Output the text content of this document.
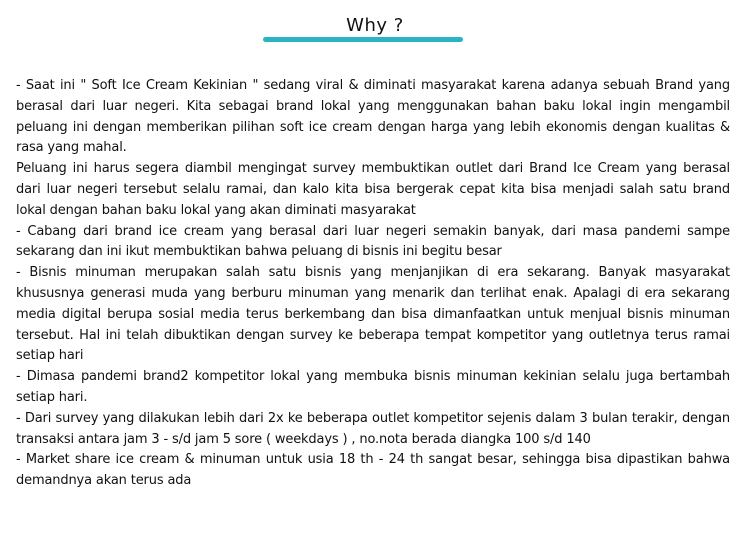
Why ?

- Saat ini " Soft Ice Cream Kekinian " sedang viral & diminati masyarakat karena adanya sebuah Brand yang berasal dari luar negeri. Kita sebagai brand lokal yang menggunakan bahan baku lokal ingin mengambil peluang ini dengan memberikan pilihan soft ice cream dengan harga yang lebih ekonomis dengan kualitas & rasa yang mahal.

Peluang ini harus segera diambil mengingat survey membuktikan outlet dari Brand Ice Cream yang berasal dari luar negeri tersebut selalu ramai, dan kalo kita bisa bergerak cepat kita bisa menjadi salah satu brand lokal dengan bahan baku lokal yang akan diminati masyarakat

- Cabang dari brand ice cream yang berasal dari luar negeri semakin banyak, dari masa pandemi sampe sekarang dan ini ikut membuktikan bahwa peluang di bisnis ini begitu besar

- Bisnis minuman merupakan salah satu bisnis yang menjanjikan di era sekarang. Banyak masyarakat khususnya generasi muda yang berburu minuman yang menarik dan terlihat enak. Apalagi di era sekarang media digital berupa sosial media terus berkembang dan bisa dimanfaatkan untuk menjual bisnis minuman tersebut. Hal ini telah dibuktikan dengan survey ke beberapa tempat kompetitor yang outletnya terus ramai setiap hari

- Dimasa pandemi brand2 kompetitor lokal yang membuka bisnis minuman kekinian selalu juga bertambah setiap hari.

- Dari survey yang dilakukan lebih dari 2x ke beberapa outlet kompetitor sejenis dalam 3 bulan terakir, dengan transaksi antara jam 3 - s/d jam 5 sore ( weekdays ) , no.nota berada diangka 100 s/d 140

- Market share ice cream & minuman untuk usia 18 th - 24 th sangat besar, sehingga bisa dipastikan bahwa demandnya akan terus ada
